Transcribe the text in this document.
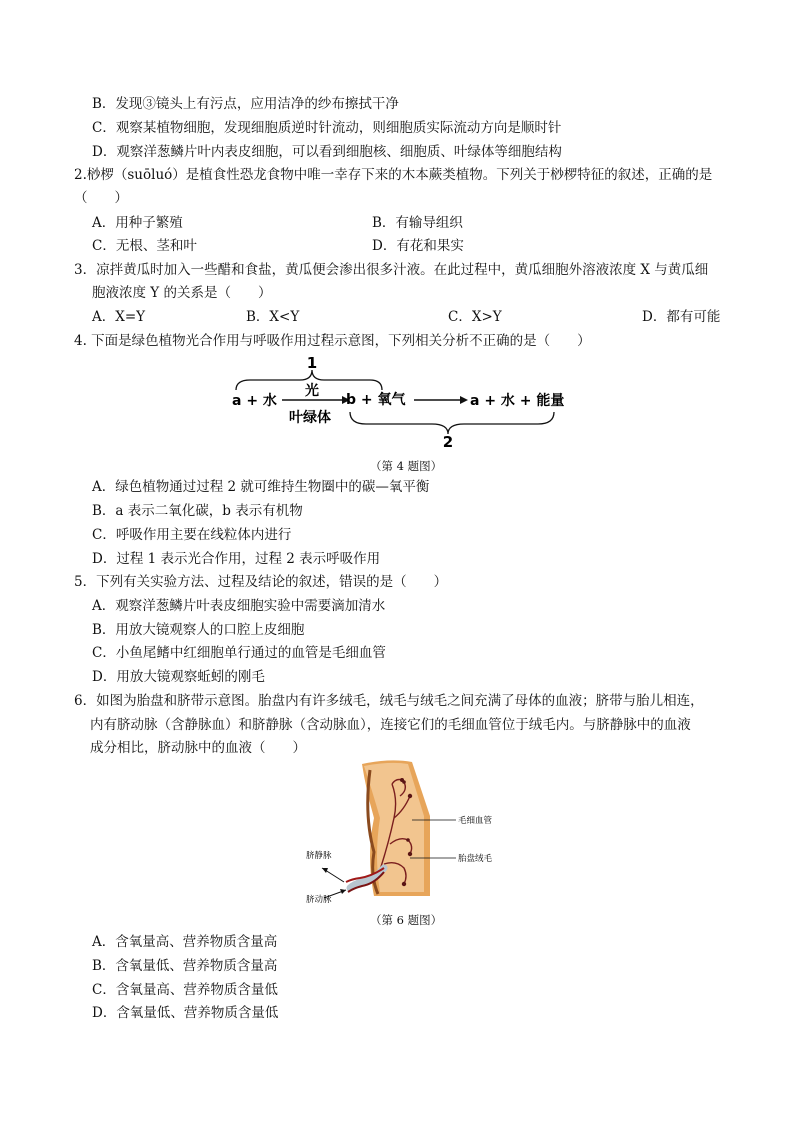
B．发现③镜头上有污点，应用洁净的纱布擦拭干净
C．观察某植物细胞，发现细胞质逆时针流动，则细胞质实际流动方向是顺时针
D．观察洋葱鳞片叶内表皮细胞，可以看到细胞核、细胞质、叶绿体等细胞结构
2.桫椤（suōluó）是植食性恐龙食物中唯一幸存下来的木本蕨类植物。下列关于桫椤特征的叙述，正确的是
（　　）
A．用种子繁殖	B．有输导组织
C．无根、茎和叶	D．有花和果实
3．凉拌黄瓜时加入一些醋和食盐，黄瓜便会渗出很多汁液。在此过程中，黄瓜细胞外溶液浓度 X 与黄瓜细
胞液浓度 Y 的关系是（　　）
A．X=Y	B．X<Y	C．X>Y	D．都有可能
4. 下面是绿色植物光合作用与呼吸作用过程示意图，下列相关分析不正确的是（　　）
1
a + 水
光
叶绿体
b + 氧气	a + 水 + 能量
2
（第 4 题图）
A．绿色植物通过过程 2 就可维持生物圈中的碳—氧平衡
B．a 表示二氧化碳，b 表示有机物
C．呼吸作用主要在线粒体内进行
D．过程 1 表示光合作用，过程 2 表示呼吸作用
5．下列有关实验方法、过程及结论的叙述，错误的是（　　）
A．观察洋葱鳞片叶表皮细胞实验中需要滴加清水
B．用放大镜观察人的口腔上皮细胞
C．小鱼尾鳍中红细胞单行通过的血管是毛细血管
D．用放大镜观察蚯蚓的刚毛
6．如图为胎盘和脐带示意图。胎盘内有许多绒毛，绒毛与绒毛之间充满了母体的血液；脐带与胎儿相连，
内有脐动脉（含静脉血）和脐静脉（含动脉血），连接它们的毛细血管位于绒毛内。与脐静脉中的血液
成分相比，脐动脉中的血液（　　）
毛细血管
胎盘绒毛
脐静脉
脐动脉
（第 6 题图）
A．含氧量高、营养物质含量高
B．含氧量低、营养物质含量高
C．含氧量高、营养物质含量低
D．含氧量低、营养物质含量低
